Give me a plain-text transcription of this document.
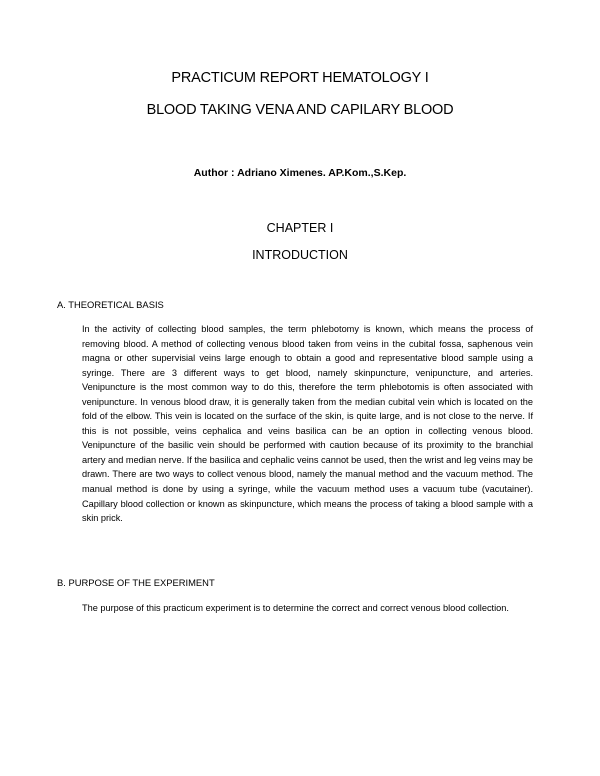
PRACTICUM REPORT HEMATOLOGY I
BLOOD TAKING VENA AND CAPILARY BLOOD
Author : Adriano Ximenes. AP.Kom.,S.Kep.
CHAPTER I
INTRODUCTION
A. THEORETICAL BASIS

In the activity of collecting blood samples, the term phlebotomy is known, which means the process of removing blood. A method of collecting venous blood taken from veins in the cubital fossa, saphenous vein magna or other supervisial veins large enough to obtain a good and representative blood sample using a syringe. There are 3 different ways to get blood, namely skinpuncture, venipuncture, and arteries. Venipuncture is the most common way to do this, therefore the term phlebotomis is often associated with venipuncture. In venous blood draw, it is generally taken from the median cubital vein which is located on the fold of the elbow. This vein is located on the surface of the skin, is quite large, and is not close to the nerve. If this is not possible, veins cephalica and veins basilica can be an option in collecting venous blood. Venipuncture of the basilic vein should be performed with caution because of its proximity to the branchial artery and median nerve. If the basilica and cephalic veins cannot be used, then the wrist and leg veins may be drawn. There are two ways to collect venous blood, namely the manual method and the vacuum method. The manual method is done by using a syringe, while the vacuum method uses a vacuum tube (vacutainer). Capillary blood collection or known as skinpuncture, which means the process of taking a blood sample with a skin prick.

B. PURPOSE OF THE EXPERIMENT

The purpose of this practicum experiment is to determine the correct and correct venous blood collection.
